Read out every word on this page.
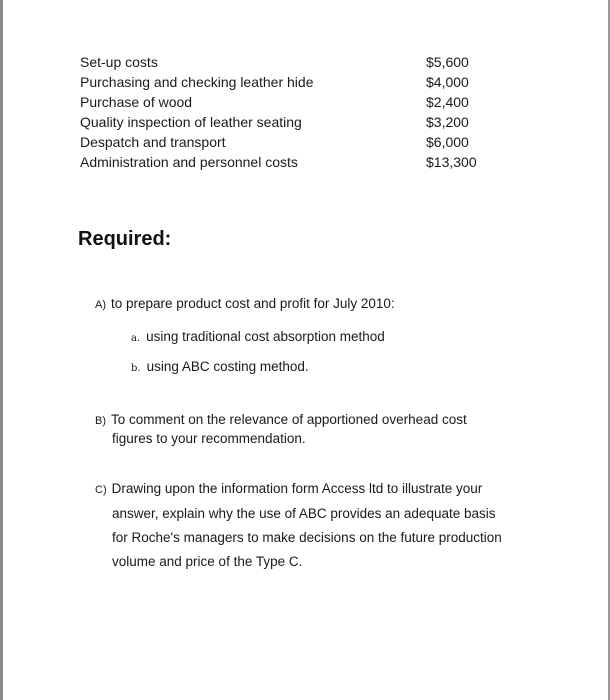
Set-up costs	$5,600
Purchasing and checking leather hide	$4,000
Purchase of wood	$2,400
Quality inspection of leather seating	$3,200
Despatch and transport	$6,000
Administration and personnel costs	$13,300
Required:
A) to prepare product cost and profit for July 2010:
a. using traditional cost absorption method
b. using ABC costing method.
B) To comment on the relevance of apportioned overhead cost
figures to your recommendation.
C) Drawing upon the information form Access ltd to illustrate your
answer, explain why the use of ABC provides an adequate basis
for Roche's managers to make decisions on the future production
volume and price of the Type C.
